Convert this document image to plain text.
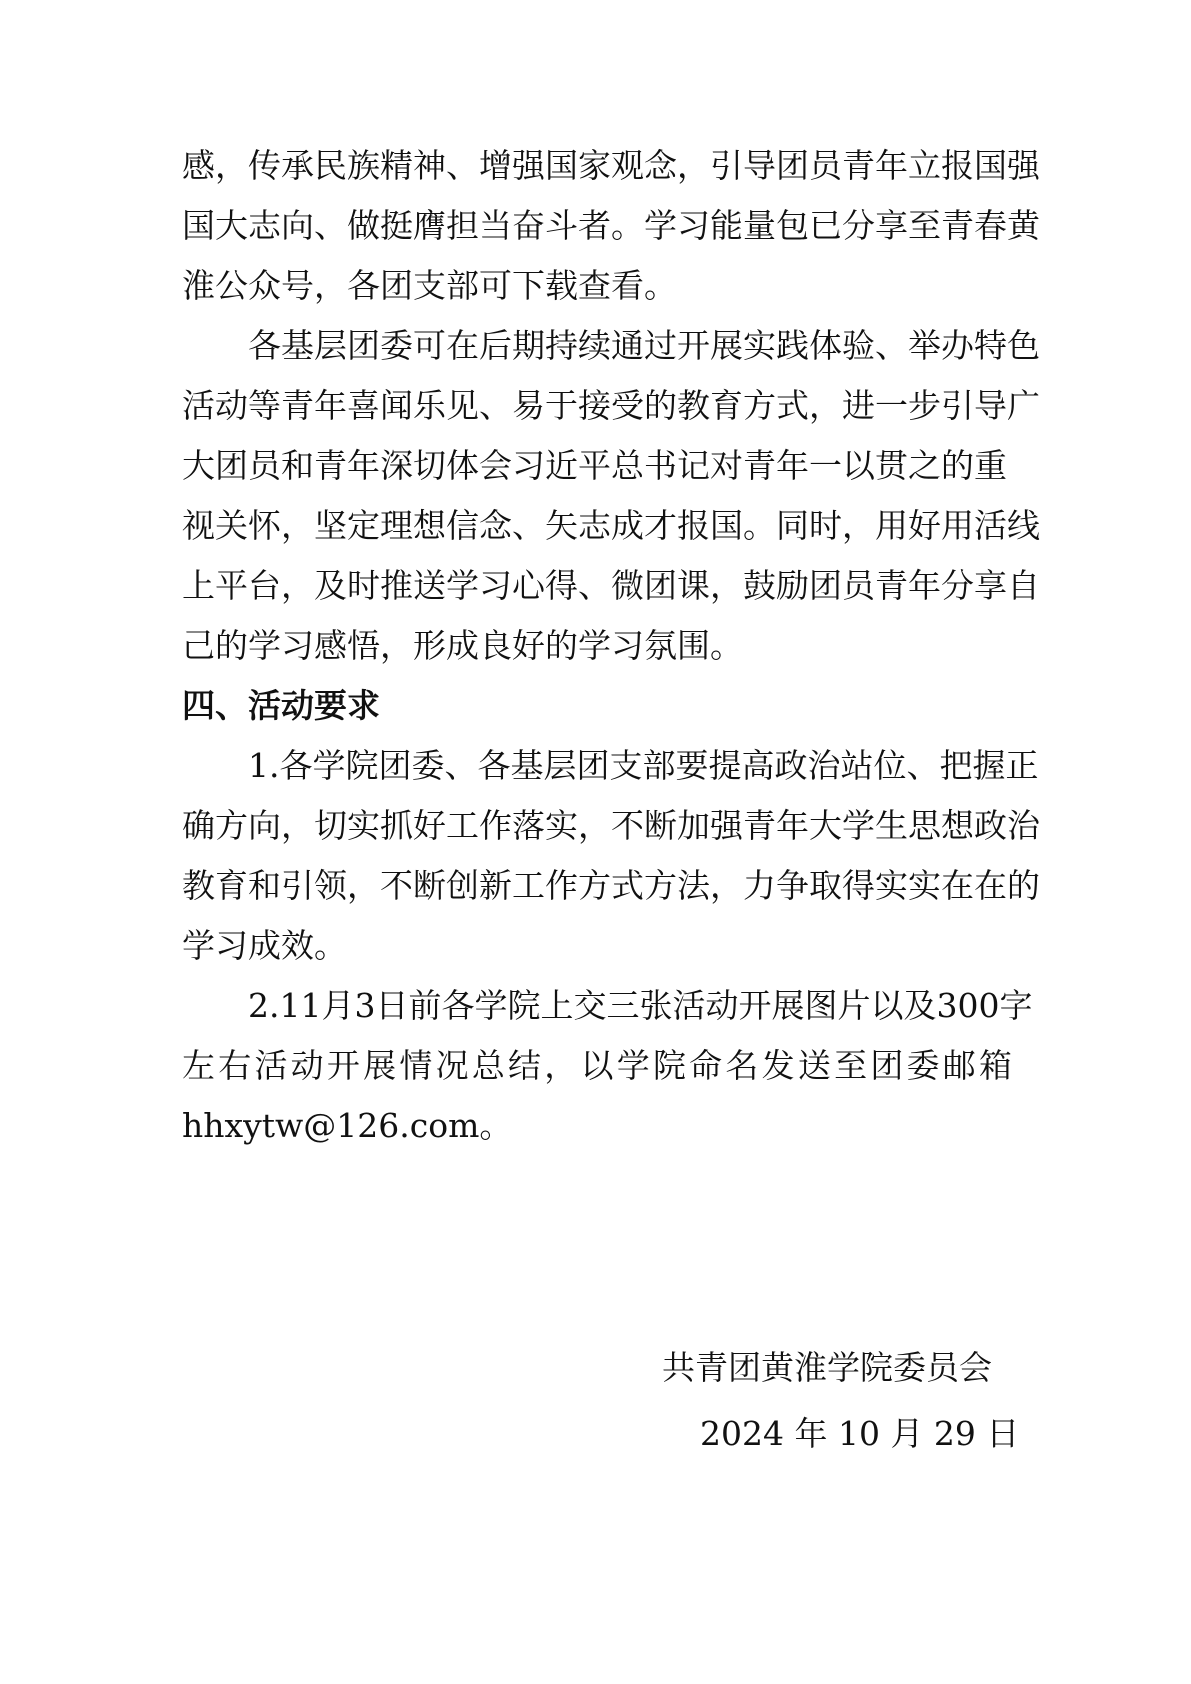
感，传承民族精神、增强国家观念，引导团员青年立报国强
国大志向、做挺膺担当奋斗者。学习能量包已分享至青春黄
淮公众号，各团支部可下载查看。
各基层团委可在后期持续通过开展实践体验、举办特色
活动等青年喜闻乐见、易于接受的教育方式，进一步引导广
大团员和青年深切体会习近平总书记对青年一以贯之的重
视关怀，坚定理想信念、矢志成才报国。同时，用好用活线
上平台，及时推送学习心得、微团课，鼓励团员青年分享自
己的学习感悟，形成良好的学习氛围。
四、活动要求
1.各学院团委、各基层团支部要提高政治站位、把握正
确方向，切实抓好工作落实，不断加强青年大学生思想政治
教育和引领，不断创新工作方式方法，力争取得实实在在的
学习成效。
2.11月3日前各学院上交三张活动开展图片以及300字
左右活动开展情况总结，以学院命名发送至团委邮箱
hhxytw@126.com。
共青团黄淮学院委员会
2024 年 10 月 29 日
